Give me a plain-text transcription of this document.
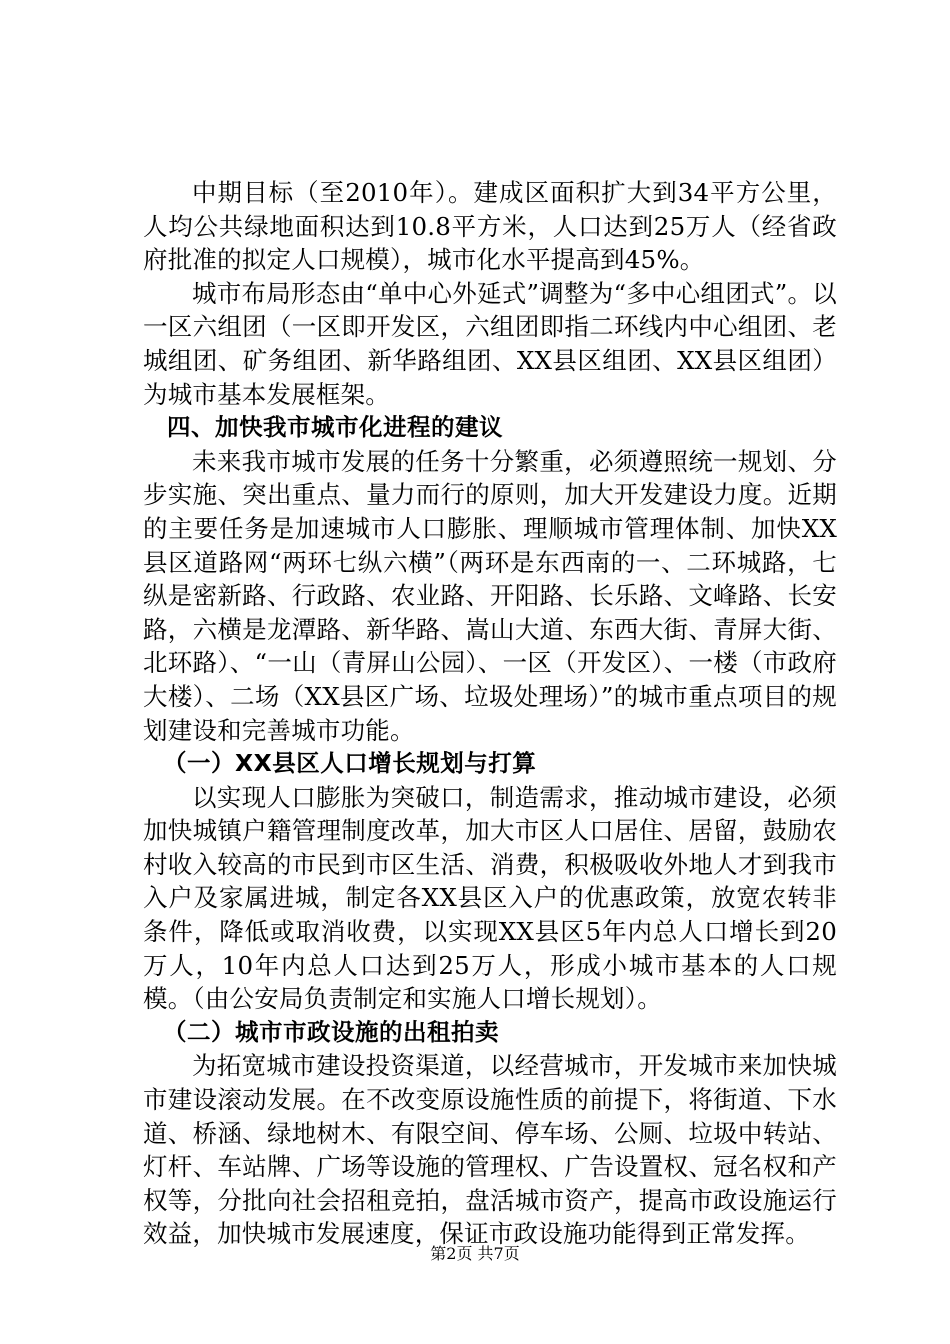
中期目标（至2010年）。建成区面积扩大到34平方公里，人均公共绿地面积达到10.8平方米，人口达到25万人（经省政府批准的拟定人口规模），城市化水平提高到45%。

城市布局形态由“单中心外延式”调整为“多中心组团式”。以一区六组团（一区即开发区，六组团即指二环线内中心组团、老城组团、矿务组团、新华路组团、XX县区组团、XX县区组团）为城市基本发展框架。

四、加快我市城市化进程的建议

未来我市城市发展的任务十分繁重，必须遵照统一规划、分步实施、突出重点、量力而行的原则，加大开发建设力度。近期的主要任务是加速城市人口膨胀、理顺城市管理体制、加快XX县区道路网“两环七纵六横”（两环是东西南的一、二环城路，七纵是密新路、行政路、农业路、开阳路、长乐路、文峰路、长安路，六横是龙潭路、新华路、嵩山大道、东西大街、青屏大街、北环路）、“一山（青屏山公园）、一区（开发区）、一楼（市政府大楼）、二场（XX县区广场、垃圾处理场）”的城市重点项目的规划建设和完善城市功能。

（一）XX县区人口增长规划与打算

以实现人口膨胀为突破口，制造需求，推动城市建设，必须加快城镇户籍管理制度改革，加大市区人口居住、居留，鼓励农村收入较高的市民到市区生活、消费，积极吸收外地人才到我市入户及家属进城，制定各XX县区入户的优惠政策，放宽农转非条件，降低或取消收费，以实现XX县区5年内总人口增长到20万人，10年内总人口达到25万人，形成小城市基本的人口规模。（由公安局负责制定和实施人口增长规划）。

（二）城市市政设施的出租拍卖

为拓宽城市建设投资渠道，以经营城市，开发城市来加快城市建设滚动发展。在不改变原设施性质的前提下，将街道、下水道、桥涵、绿地树木、有限空间、停车场、公厕、垃圾中转站、灯杆、车站牌、广场等设施的管理权、广告设置权、冠名权和产权等，分批向社会招租竞拍，盘活城市资产，提高市政设施运行效益，加快城市发展速度，保证市政设施功能得到正常发挥。

第2页 共7页
